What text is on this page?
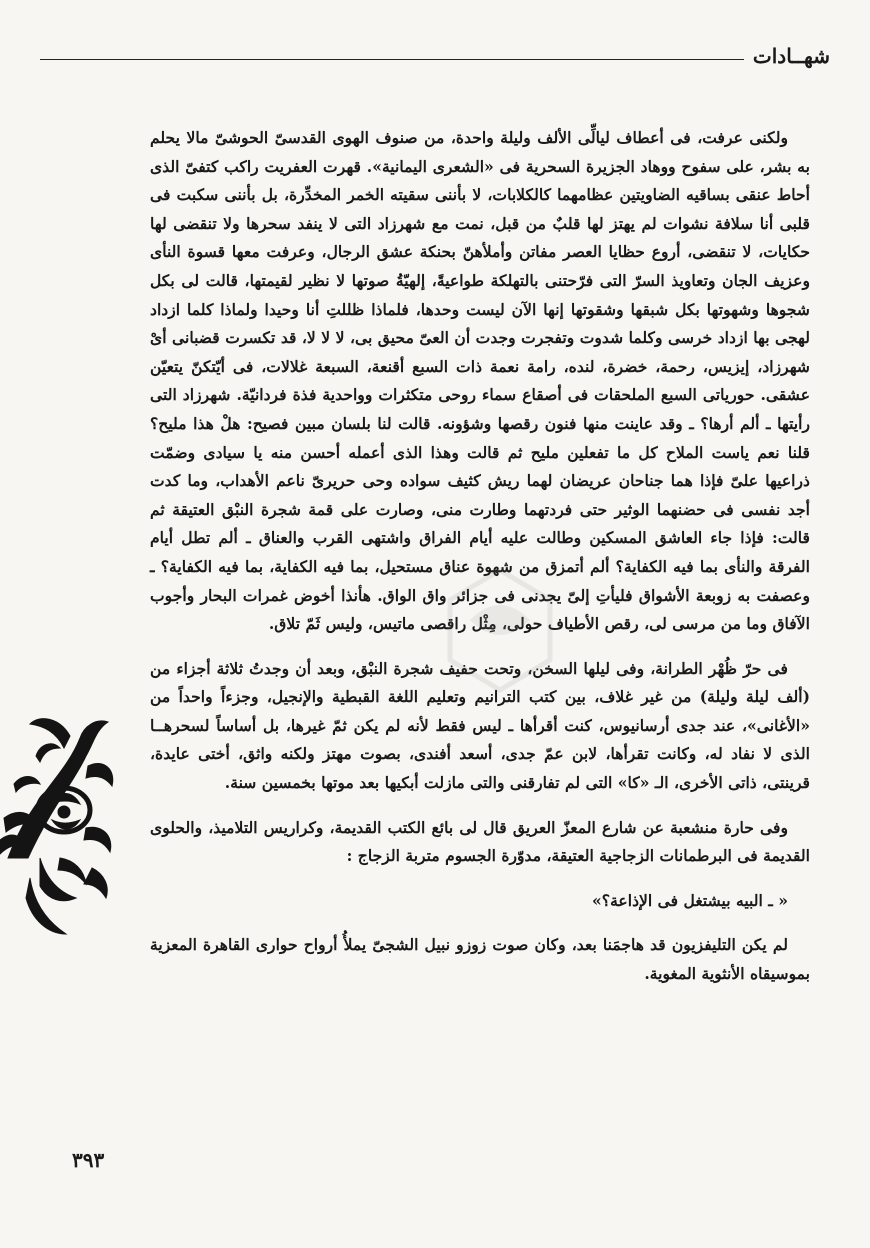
شهــادات

ولكنى عرفت، فى أعطاف ليالِّى الألف وليلة واحدة، من صنوف الهوى القدسىّ الحوشىّ مالا يحلم به بشر، على سفوح ووهاد الجزيرة السحرية فى «الشعرى اليمانية». قهرت العفريت راكب كتفىّ الذى أحاط عنقى بساقيه الضاويتين عظامهما كالكلابات، لا بأننى سقيته الخمر المخدِّرة، بل بأننى سكبت فى قلبى أنا سلافة نشوات لم يهتز لها قلبٌ من قبل، نمت مع شهرزاد التى لا ينفد سحرها ولا تنقضى لها حكايات، لا تنقضى، أروع حظايا العصر مفاتن وأملأهنّ بحنكة عشق الرجال، وعرفت معها قسوة النأى وعزيف الجان وتعاويذ السرّ التى فرّحتنى بالتهلكة طواعيةً، إلهيّةُ صوتها لا نظير لقيمتها، قالت لى بكل شجوها وشهوتها بكل شبقها وشقوتها إنها الآن ليست وحدها، فلماذا ظللتِ أنا وحيدا ولماذا كلما ازداد لهجى بها ازداد خرسى وكلما شدوت وتفجرت وجدت أن العىّ محيق بى، لا لا لا، قد تكسرت قضبانى أىْ شهرزاد، إيزيس، رحمة، خضرة، لنده، رامة نعمة ذات السبع أقنعة، السبعة غلالات، فى أيّتكنّ يتعيّن عشقى. حورياتى السبع الملحقات فى أصقاع سماء روحى متكثرات وواحدية فذة فردانيّة. شهرزاد التى رأيتها ـ ألم أرها؟ ـ وقد عاينت منها فنون رقصها وشؤونه. قالت لنا بلسان مبين فصيح: هلْ هذا مليح؟ قلنا نعم ياست الملاح كل ما تفعلين مليح ثم قالت وهذا الذى أعمله أحسن منه يا سيادى وضمّت ذراعيها علىّ فإذا هما جناحان عريضان لهما ريش كثيف سواده وحى حريرىّ ناعم الأهداب، وما كدت أجد نفسى فى حضنهما الوثير حتى فردتهما وطارت منى، وصارت على قمة شجرة النبْق العتيقة ثم قالت: فإذا جاء العاشق المسكين وطالت عليه أيام الفراق واشتهى القرب والعناق ـ ألم تطل أيام الفرقة والنأى بما فيه الكفاية؟ ألم أتمزق من شهوة عناق مستحيل، بما فيه الكفاية، بما فيه الكفاية؟ ـ وعصفت به زوبعة الأشواق فليأتِ إلىّ يجدنى فى جزائر واق الواق. هأنذا أخوض غمرات البحار وأجوب الآفاق وما من مرسى لى، رقص الأطياف حولى، مِثْل راقصى ماتيس، وليس ثَمّ تلاق.

فى حرّ ظُهْر الطرانة، وفى ليلها السخن، وتحت حفيف شجرة النبْق، وبعد أن وجدتُ ثلاثة أجزاء من (ألف ليلة وليلة) من غير غلاف، بين كتب الترانيم وتعليم اللغة القبطية والإنجيل، وجزءاً واحداً من «الأغانى»، عند جدى أرسانيوس، كنت أقرأها ـ ليس فقط لأنه لم يكن ثمّ غيرها، بل أساساً لسحرهــا الذى لا نفاد له، وكانت تقرأها، لابن عمّ جدى، أسعد أفندى، بصوت مهتز ولكنه واثق، أختى عايدة، قرينتى، ذاتى الأخرى، الـ «كا» التى لم تفارقنى والتى مازلت أبكيها بعد موتها بخمسين سنة.

وفى حارة منشعبة عن شارع المعزّ العريق قال لى بائع الكتب القديمة، وكراريس التلاميذ، والحلوى القديمة فى البرطمانات الزجاجية العتيقة، مدوّرة الجسوم متربة الزجاج :

« ـ البيه بيشتغل فى الإذاعة؟»

لم يكن التليفزيون قد هاجمَنا بعد، وكان صوت زوزو نبيل الشجىّ يملأُ أرواح حوارى القاهرة المعزية بموسيقاه الأنثوية المغوية.

٣٩٣
